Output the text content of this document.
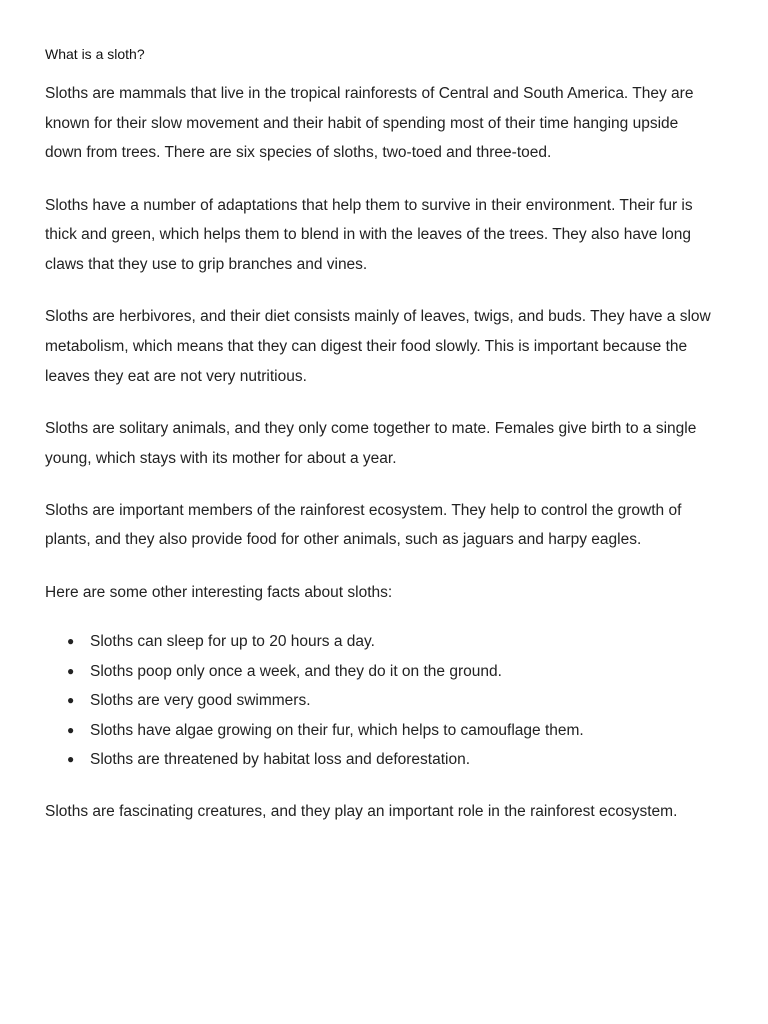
What is a sloth?

Sloths are mammals that live in the tropical rainforests of Central and South America. They are
known for their slow movement and their habit of spending most of their time hanging upside
down from trees. There are six species of sloths, two-toed and three-toed.

Sloths have a number of adaptations that help them to survive in their environment. Their fur is
thick and green, which helps them to blend in with the leaves of the trees. They also have long
claws that they use to grip branches and vines.

Sloths are herbivores, and their diet consists mainly of leaves, twigs, and buds. They have a slow
metabolism, which means that they can digest their food slowly. This is important because the
leaves they eat are not very nutritious.

Sloths are solitary animals, and they only come together to mate. Females give birth to a single
young, which stays with its mother for about a year.

Sloths are important members of the rainforest ecosystem. They help to control the growth of
plants, and they also provide food for other animals, such as jaguars and harpy eagles.

Here are some other interesting facts about sloths:

● Sloths can sleep for up to 20 hours a day.
● Sloths poop only once a week, and they do it on the ground.
● Sloths are very good swimmers.
● Sloths have algae growing on their fur, which helps to camouflage them.
● Sloths are threatened by habitat loss and deforestation.

Sloths are fascinating creatures, and they play an important role in the rainforest ecosystem.
